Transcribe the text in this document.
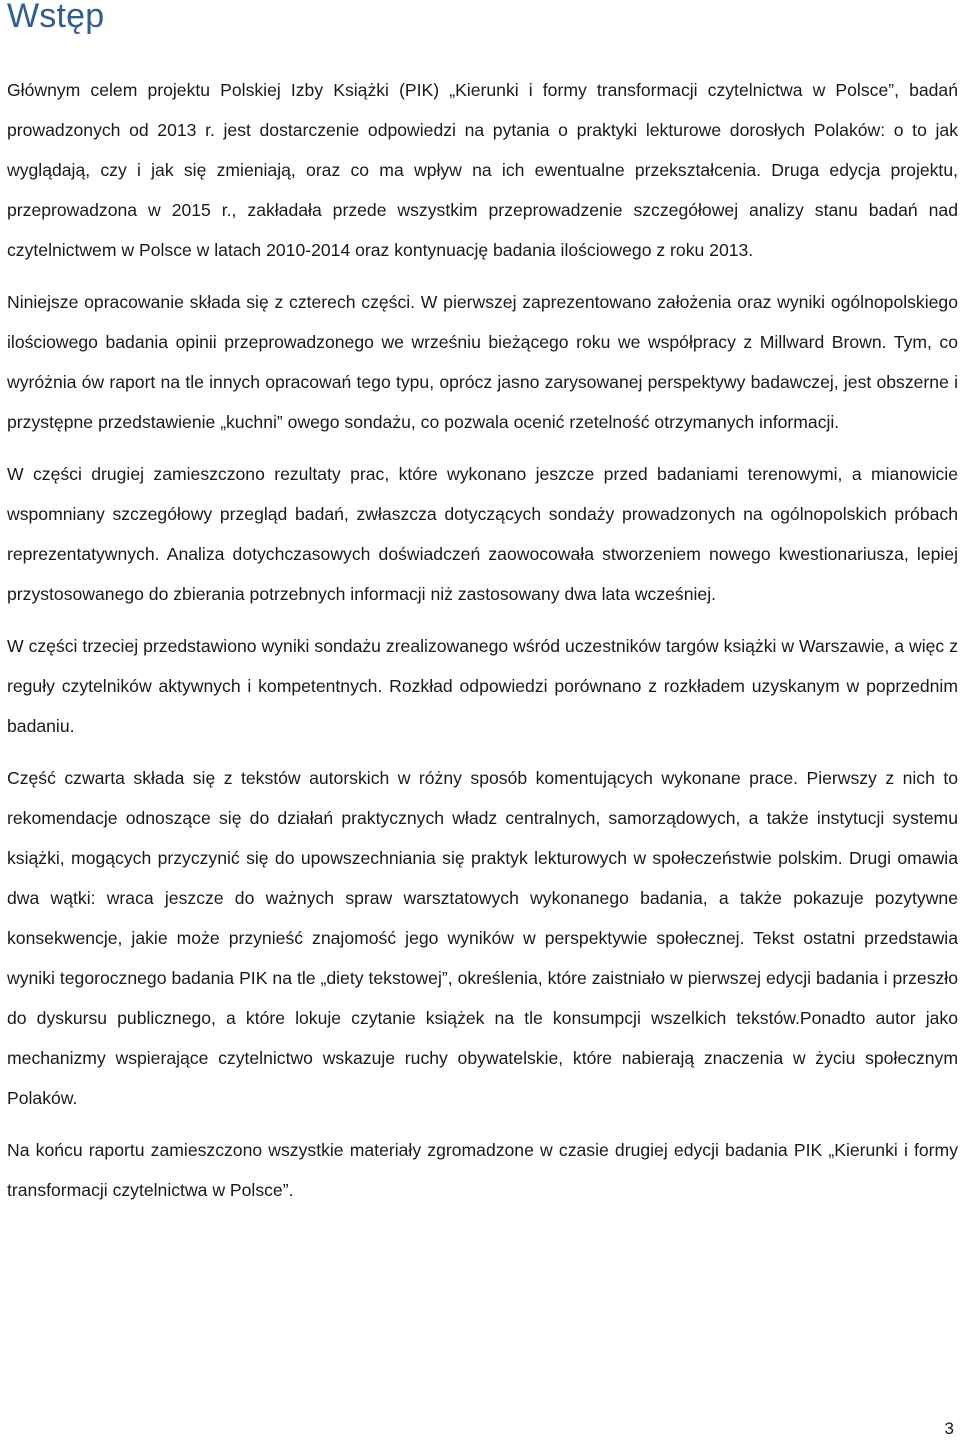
Wstęp

Głównym celem projektu Polskiej Izby Książki (PIK) „Kierunki i formy transformacji czytelnictwa w Polsce”, badań prowadzonych od 2013 r. jest dostarczenie odpowiedzi na pytania o praktyki lekturowe dorosłych Polaków: o to jak wyglądają, czy i jak się zmieniają, oraz co ma wpływ na ich ewentualne przekształcenia. Druga edycja projektu, przeprowadzona w 2015 r., zakładała przede wszystkim przeprowadzenie szczegółowej analizy stanu badań nad czytelnictwem w Polsce w latach 2010-2014 oraz kontynuację badania ilościowego z roku 2013.

Niniejsze opracowanie składa się z czterech części. W pierwszej zaprezentowano założenia oraz wyniki ogólnopolskiego ilościowego badania opinii przeprowadzonego we wrześniu bieżącego roku we współpracy z Millward Brown. Tym, co wyróżnia ów raport na tle innych opracowań tego typu, oprócz jasno zarysowanej perspektywy badawczej, jest obszerne i przystępne przedstawienie „kuchni” owego sondażu, co pozwala ocenić rzetelność otrzymanych informacji.

W części drugiej zamieszczono rezultaty prac, które wykonano jeszcze przed badaniami terenowymi, a mianowicie wspomniany szczegółowy przegląd badań, zwłaszcza dotyczących sondaży prowadzonych na ogólnopolskich próbach reprezentatywnych. Analiza dotychczasowych doświadczeń zaowocowała stworzeniem nowego kwestionariusza, lepiej przystosowanego do zbierania potrzebnych informacji niż zastosowany dwa lata wcześniej.

W części trzeciej przedstawiono wyniki sondażu zrealizowanego wśród uczestników targów książki w Warszawie, a więc z reguły czytelników aktywnych i kompetentnych. Rozkład odpowiedzi porównano z rozkładem uzyskanym w poprzednim badaniu.

Część czwarta składa się z tekstów autorskich w różny sposób komentujących wykonane prace. Pierwszy z nich to rekomendacje odnoszące się do działań praktycznych władz centralnych, samorządowych, a także instytucji systemu książki, mogących przyczynić się do upowszechniania się praktyk lekturowych w społeczeństwie polskim. Drugi omawia dwa wątki: wraca jeszcze do ważnych spraw warsztatowych wykonanego badania, a także pokazuje pozytywne konsekwencje, jakie może przynieść znajomość jego wyników w perspektywie społecznej. Tekst ostatni przedstawia wyniki tegorocznego badania PIK na tle „diety tekstowej”, określenia, które zaistniało w pierwszej edycji badania i przeszło do dyskursu publicznego, a które lokuje czytanie książek na tle konsumpcji wszelkich tekstów.Ponadto autor jako mechanizmy wspierające czytelnictwo wskazuje ruchy obywatelskie, które nabierają znaczenia w życiu społecznym Polaków.

Na końcu raportu zamieszczono wszystkie materiały zgromadzone w czasie drugiej edycji badania PIK „Kierunki i formy transformacji czytelnictwa w Polsce”.

3
